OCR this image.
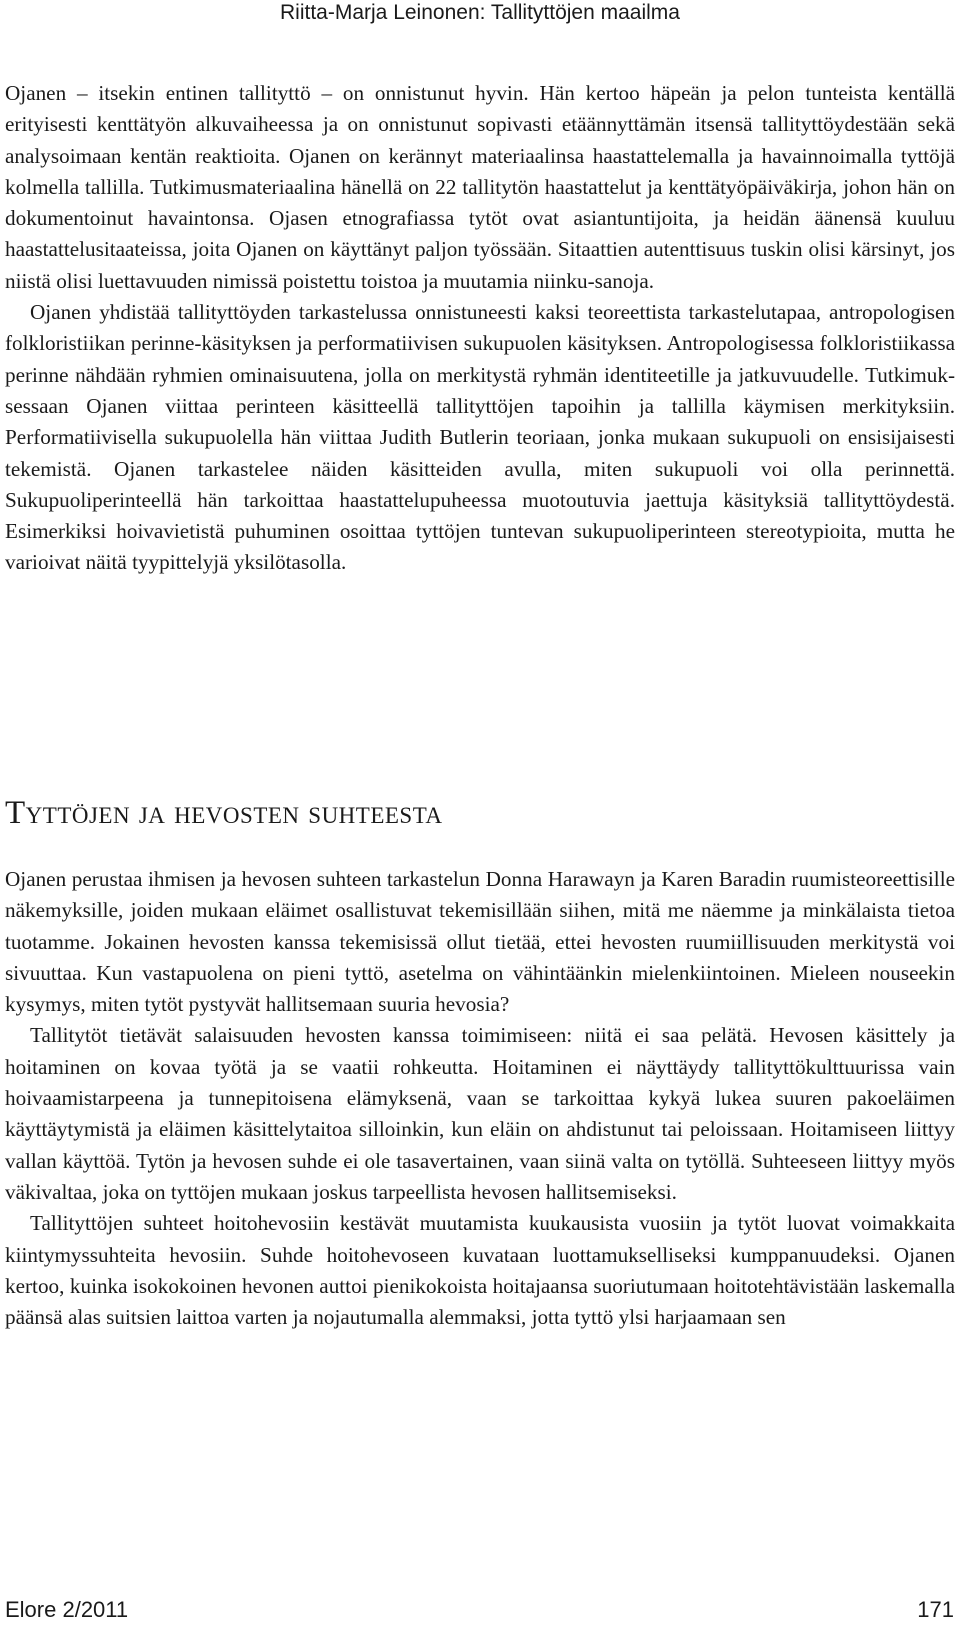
Riitta-Marja Leinonen: Tallityttöjen maailma

Ojanen – itsekin entinen tallityttö – on onnistunut hyvin. Hän kertoo häpeän ja pelon tunteista kentällä erityisesti kenttätyön alkuvaiheessa ja on onnistunut sopivasti etäännyttämän itsensä tallityttöydestään sekä analysoimaan kentän reaktioita. Ojanen on kerännyt materiaalinsa haastattelemalla ja havainnoimalla tyttöjä kolmella tallilla. Tutkimusmateriaalina hänellä on 22 tallitytön haastattelut ja kenttätyöpäiväkirja, johon hän on dokumentoinut havaintonsa. Ojasen etnografiassa tytöt ovat asiantuntijoita, ja heidän äänensä kuuluu haastattelusitaateissa, joita Ojanen on käyttänyt paljon työssään. Sitaattien autenttisuus tuskin olisi kärsinyt, jos niistä olisi luettavuuden nimissä poistettu toistoa ja muutamia niinku-sanoja.

Ojanen yhdistää tallityttöyden tarkastelussa onnistuneesti kaksi teoreettista tarkastelutapaa, antropologisen folkloristiikan perinne-käsityksen ja performatiivisen sukupuolen käsityksen. Antropologisessa folkloristiikassa perinne nähdään ryhmien ominaisuutena, jolla on merkitystä ryhmän identiteetille ja jatkuvuudelle. Tutkimuksessaan Ojanen viittaa perinteen käsitteellä tallityttöjen tapoihin ja tallilla käymisen merkityksiin. Performatiivisella sukupuolella hän viittaa Judith Butlerin teoriaan, jonka mukaan sukupuoli on ensisijaisesti tekemistä. Ojanen tarkastelee näiden käsitteiden avulla, miten sukupuoli voi olla perinnettä. Sukupuoliperinteellä hän tarkoittaa haastattelupuheessa muotoutuvia jaettuja käsityksiä tallityttöydestä. Esimerkiksi hoivavietistä puhuminen osoittaa tyttöjen tuntevan sukupuoliperinteen stereotypioita, mutta he varioivat näitä tyypittelyjä yksilötasolla.

Tyttöjen ja hevosten suhteesta

Ojanen perustaa ihmisen ja hevosen suhteen tarkastelun Donna Harawayn ja Karen Baradin ruumisteoreettisille näkemyksille, joiden mukaan eläimet osallistuvat tekemisillään siihen, mitä me näemme ja minkälaista tietoa tuotamme. Jokainen hevosten kanssa tekemisissä ollut tietää, ettei hevosten ruumiillisuuden merkitystä voi sivuuttaa. Kun vastapuolena on pieni tyttö, asetelma on vähintäänkin mielenkiintoinen. Mieleen nouseekin kysymys, miten tytöt pystyvät hallitsemaan suuria hevosia?

Tallitytöt tietävät salaisuuden hevosten kanssa toimimiseen: niitä ei saa pelätä. Hevosen käsittely ja hoitaminen on kovaa työtä ja se vaatii rohkeutta. Hoitaminen ei näyttäydy tallityttökulttuurissa vain hoivaamistarpeena ja tunnepitoisena elämyksenä, vaan se tarkoittaa kykyä lukea suuren pakoeläimen käyttäytymistä ja eläimen käsittelytaitoa silloinkin, kun eläin on ahdistunut tai peloissaan. Hoitamiseen liittyy vallan käyttöä. Tytön ja hevosen suhde ei ole tasavertainen, vaan siinä valta on tytöllä. Suhteeseen liittyy myös väkivaltaa, joka on tyttöjen mukaan joskus tarpeellista hevosen hallitsemiseksi.

Tallityttöjen suhteet hoitohevosiin kestävät muutamista kuukausista vuosiin ja tytöt luovat voimakkaita kiintymyssuhteita hevosiin. Suhde hoitohevoseen kuvataan luottamukselliseksi kumppanuudeksi. Ojanen kertoo, kuinka isokokoinen hevonen auttoi pienikokoista hoitajaansa suoriutumaan hoitotehtävistään laskemalla päänsä alas suitsien laittoa varten ja nojautumalla alemmaksi, jotta tyttö ylsi harjaamaan sen

Elore 2/2011	171
